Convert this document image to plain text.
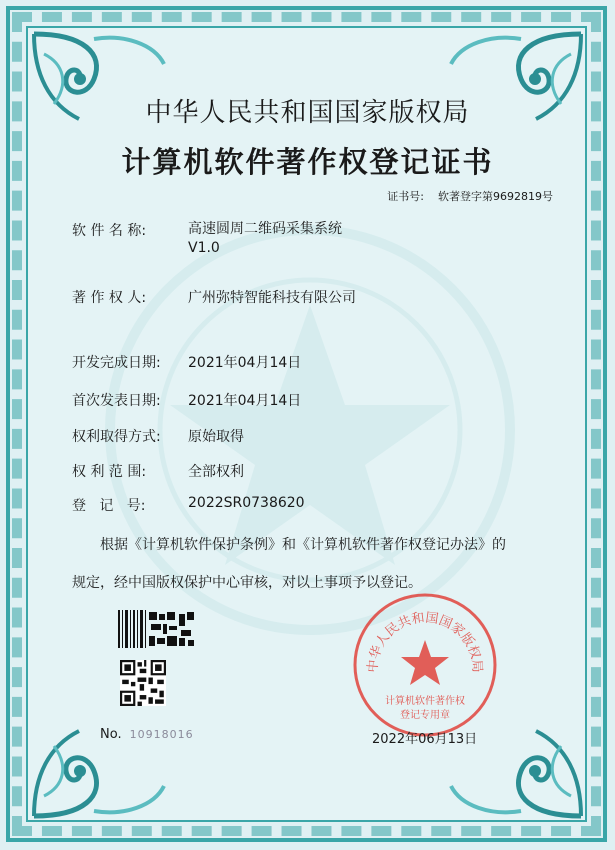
中华人民共和国国家版权局
计算机软件著作权登记证书
证书号: 软著登字第9692819号
软 件 名 称:	高速圆周二维码采集系统
V1.0
著 作 权 人:	广州弥特智能科技有限公司
开发完成日期: 2021年04月14日
首次发表日期: 2021年04月14日
权利取得方式: 原始取得
权 利 范 围:	全部权利
登   记   号:	2022SR0738620
根据《计算机软件保护条例》和《计算机软件著作权登记办法》的
规定，经中国版权保护中心审核，对以上事项予以登记。
No. 10918016
中华人民共和国国家版权局
计算机软件著作权
登记专用章
2022年06月13日
